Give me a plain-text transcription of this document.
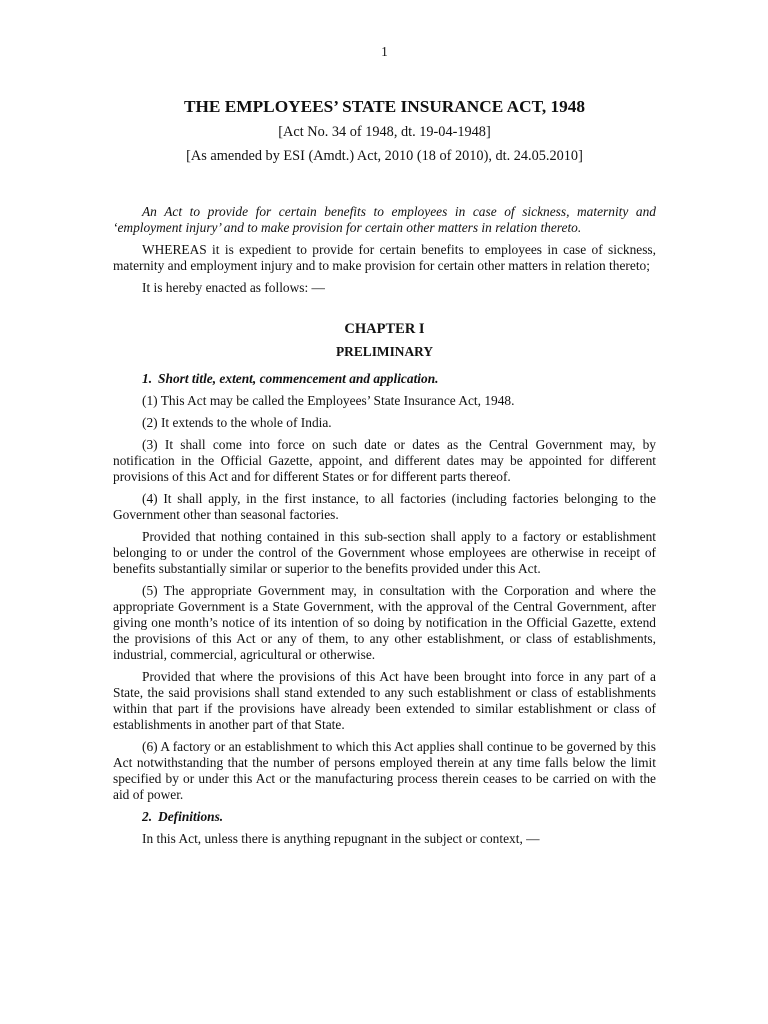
1
THE EMPLOYEES’ STATE INSURANCE ACT, 1948
[Act No. 34 of 1948, dt. 19-04-1948]
[As amended by ESI (Amdt.) Act, 2010 (18 of 2010), dt. 24.05.2010]

An Act to provide for certain benefits to employees in case of sickness, maternity and ‘employment injury’ and to make provision for certain other matters in relation thereto.

WHEREAS it is expedient to provide for certain benefits to employees in case of sickness, maternity and employment injury and to make provision for certain other matters in relation thereto;

It is hereby enacted as follows: —

CHAPTER I
PRELIMINARY
1. Short title, extent, commencement and application.

(1) This Act may be called the Employees’ State Insurance Act, 1948.

(2) It extends to the whole of India.

(3) It shall come into force on such date or dates as the Central Government may, by notification in the Official Gazette, appoint, and different dates may be appointed for different provisions of this Act and for different States or for different parts thereof.

(4) It shall apply, in the first instance, to all factories (including factories belonging to the Government other than seasonal factories.

Provided that nothing contained in this sub-section shall apply to a factory or establishment belonging to or under the control of the Government whose employees are otherwise in receipt of benefits substantially similar or superior to the benefits provided under this Act.

(5) The appropriate Government may, in consultation with the Corporation and where the appropriate Government is a State Government, with the approval of the Central Government, after giving one month’s notice of its intention of so doing by notification in the Official Gazette, extend the provisions of this Act or any of them, to any other establishment, or class of establishments, industrial, commercial, agricultural or otherwise.

Provided that where the provisions of this Act have been brought into force in any part of a State, the said provisions shall stand extended to any such establishment or class of establishments within that part if the provisions have already been extended to similar establishment or class of establishments in another part of that State.

(6) A factory or an establishment to which this Act applies shall continue to be governed by this Act notwithstanding that the number of persons employed therein at any time falls below the limit specified by or under this Act or the manufacturing process therein ceases to be carried on with the aid of power.

2. Definitions.

In this Act, unless there is anything repugnant in the subject or context, —
